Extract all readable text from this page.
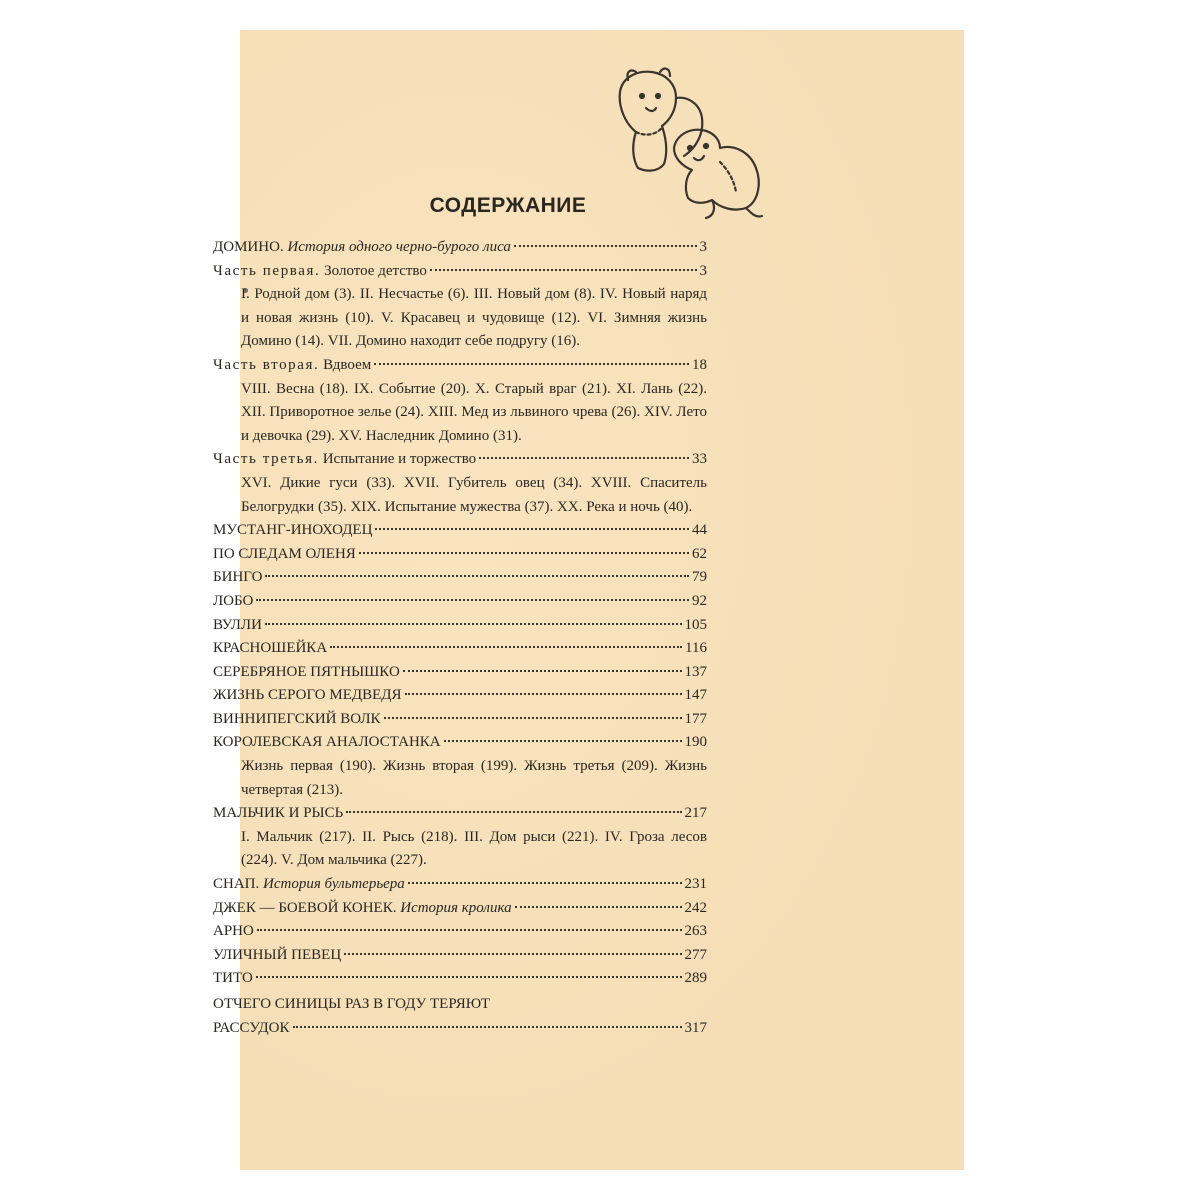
СОДЕРЖАНИЕ
ДОМИНО. История одного черно-бурого лиса	3
Часть первая. Золотое детство	3
I. Родной дом (3). II. Несчастье (6). III. Новый дом (8). IV. Новый наряд и новая жизнь (10). V. Красавец и чудовище (12). VI. Зимняя жизнь Домино (14). VII. Домино находит себе подругу (16).
Часть вторая. Вдвоем	18
VIII. Весна (18). IX. Событие (20). X. Старый враг (21). XI. Лань (22). XII. Приворотное зелье (24). XIII. Мед из львиного чрева (26). XIV. Лето и девочка (29). XV. Наследник Домино (31).
Часть третья. Испытание и торжество	33
XVI. Дикие гуси (33). XVII. Губитель овец (34). XVIII. Спаситель Белогрудки (35). XIX. Испытание мужества (37). XX. Река и ночь (40).
МУСТАНГ-ИНОХОДЕЦ	44
ПО СЛЕДАМ ОЛЕНЯ	62
БИНГО	79
ЛОБО	92
ВУЛЛИ	105
КРАСНОШЕЙКА	116
СЕРЕБРЯНОЕ ПЯТНЫШКО	137
ЖИЗНЬ СЕРОГО МЕДВЕДЯ	147
ВИННИПЕГСКИЙ ВОЛК	177
КОРОЛЕВСКАЯ АНАЛОСТАНКА	190
Жизнь первая (190). Жизнь вторая (199). Жизнь третья (209). Жизнь четвертая (213).
МАЛЬЧИК И РЫСЬ	217
I. Мальчик (217). II. Рысь (218). III. Дом рыси (221). IV. Гроза лесов (224). V. Дом мальчика (227).
СНАП. История бультерьера	231
ДЖЕК — БОЕВОЙ КОНЕК. История кролика	242
АРНО	263
УЛИЧНЫЙ ПЕВЕЦ	277
ТИТО	289
ОТЧЕГО СИНИЦЫ РАЗ В ГОДУ ТЕРЯЮТ
РАССУДОК	317
